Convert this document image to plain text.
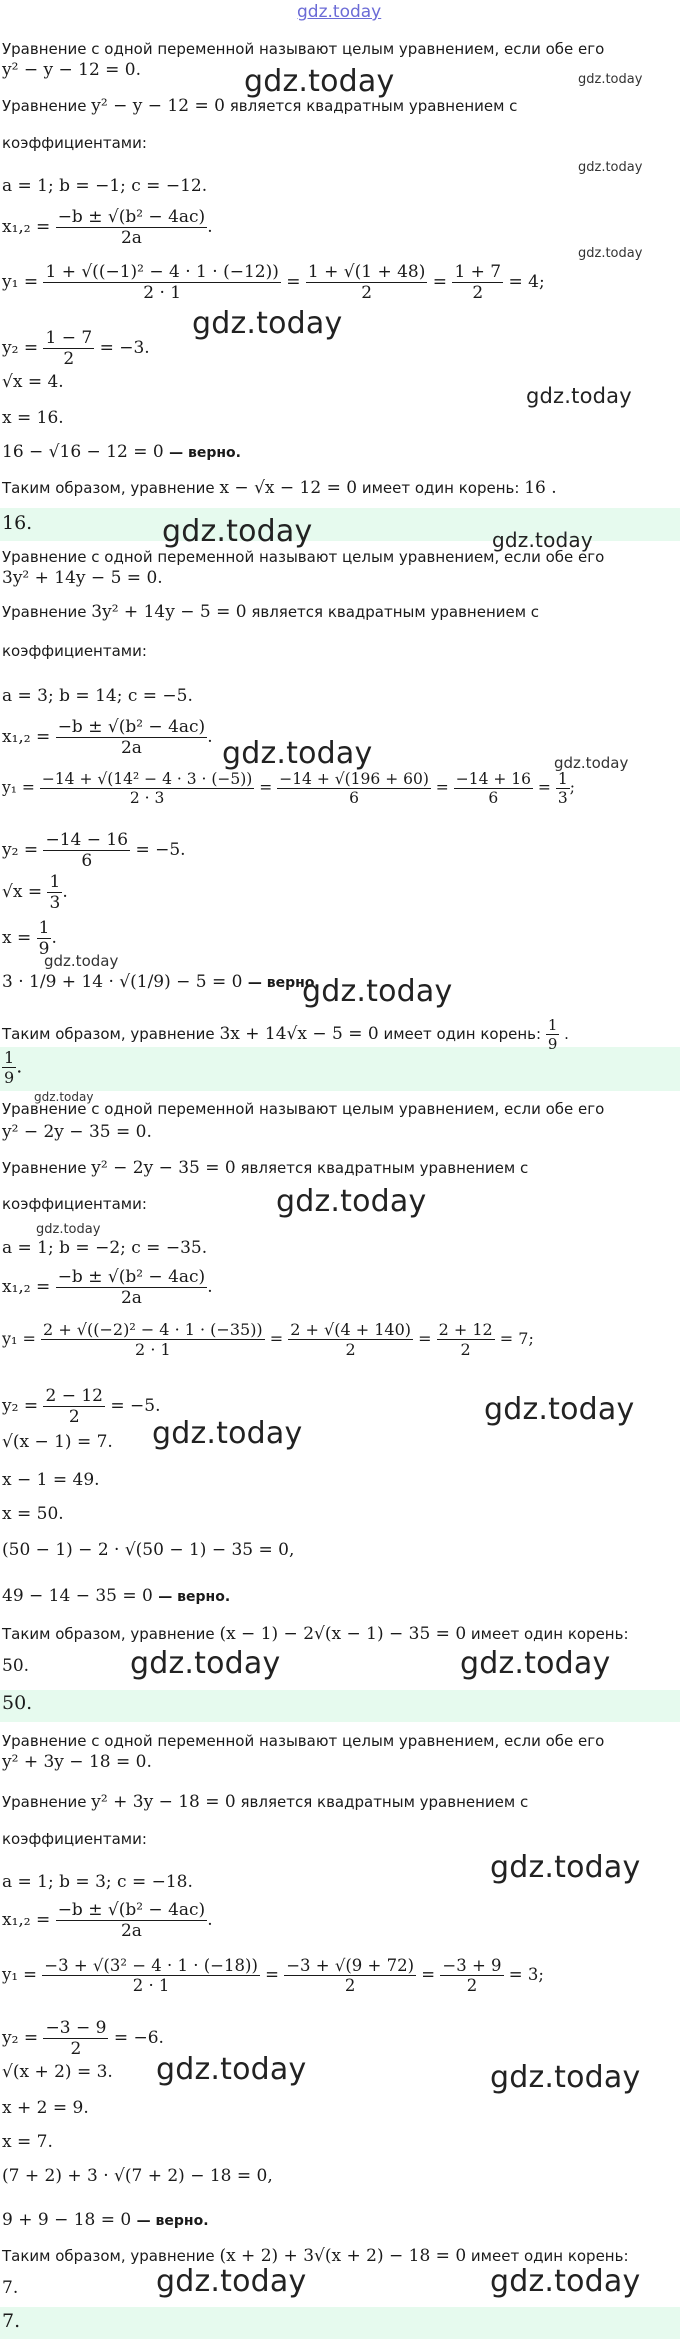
gdz.today
Уравнение с одной переменной называют целым уравнением, если обе его
y² − y − 12 = 0.
Уравнение y² − y − 12 = 0 является квадратным уравнением с
коэффициентами:
a = 1; b = −1; c = −12.
$x_1,_2 = \frac{\text{−b ± √(b² − 4ac)}}{2a}$ .
$y_1 = \frac{\text{1 + √((−1)² − 4 · 1 · (−12))}}{2 \cdot 1} = \frac{1 + √(1 + 48)}{2} = \frac{1 + 7}{2} = 4$;
$y_2 = \frac{1 - 7}{2} = -3$.
√x = 4.
x = 16.
16 − √16 − 12 = 0 — верно.
Таким образом, уравнение x − √x − 12 = 0 имеет один корень: 16 .
16.
Уравнение с одной переменной называют целым уравнением, если обе его
3y² + 14y − 5 = 0.
Уравнение 3y² + 14y − 5 = 0 является квадратным уравнением с
коэффициентами:
a = 3; b = 14; c = −5.
$x_1,_2 = \frac{\text{−b ± √(b² − 4ac)}}{2a}$ .
$y_1 = \frac{\text{−14 + √(14² − 4 · 3 · (−5))}}{2 \cdot 3} = \frac{-14 + √(196 + 60)}{6} = \frac{-14 + 16}{6} = \frac{1}{3}$ ;
$y_2 = \frac{-14 - 16}{6} = -5$.
$√x = \frac{1}{3}$ .
$x = \frac{1}{9}$ .
3 · 1/9 + 14 · √(1/9) − 5 = 0 — верно.
Таким образом, уравнение 3x + 14√x − 5 = 0 имеет один корень: $\frac{1}{9}$ .
$\frac{1}{9}$ .
Уравнение с одной переменной называют целым уравнением, если обе его
y² − 2y − 35 = 0.
Уравнение y² − 2y − 35 = 0 является квадратным уравнением с
коэффициентами:
a = 1; b = −2; c = −35.
$x_1,_2 = \frac{\text{−b ± √(b² − 4ac)}}{2a}$ .
$y_1 = \frac{\text{2 + √((−2)² − 4 · 1 · (−35))}}{2 \cdot 1} = \frac{2 + √(4 + 140)}{2} = \frac{2 + 12}{2} = 7$;
$y_2 = \frac{2 - 12}{2} = -5$.
√(x − 1) = 7.
x − 1 = 49.
x = 50.
(50 − 1) − 2 · √(50 − 1) − 35 = 0,
49 − 14 − 35 = 0 — верно.
Таким образом, уравнение (x − 1) − 2√(x − 1) − 35 = 0 имеет один корень:
50.
50.
Уравнение с одной переменной называют целым уравнением, если обе его
y² + 3y − 18 = 0.
Уравнение y² + 3y − 18 = 0 является квадратным уравнением с
коэффициентами:
a = 1; b = 3; c = −18.
$x_1,_2 = \frac{\text{−b ± √(b² − 4ac)}}{2a}$ .
$y_1 = \frac{\text{−3 + √(3² − 4 · 1 · (−18))}}{2 \cdot 1} = \frac{-3 + √(9 + 72)}{2} = \frac{-3 + 9}{2} = 3$;
$y_2 = \frac{-3 - 9}{2} = -6$.
√(x + 2) = 3.
x + 2 = 9.
x = 7.
(7 + 2) + 3 · √(7 + 2) − 18 = 0,
9 + 9 − 18 = 0 — верно.
Таким образом, уравнение (x + 2) + 3√(x + 2) − 18 = 0 имеет один корень:
7.
7.
gdz.today	gdz.today
gdz.today
gdz.today
gdz.today
gdz.today
gdz.today	gdz.today
gdz.today	gdz.today
gdz.today
gdz.today
gdz.today
gdz.today
gdz.today
gdz.today
gdz.today
gdz.today	gdz.today
gdz.today
gdz.today	gdz.today
gdz.today	gdz.today
